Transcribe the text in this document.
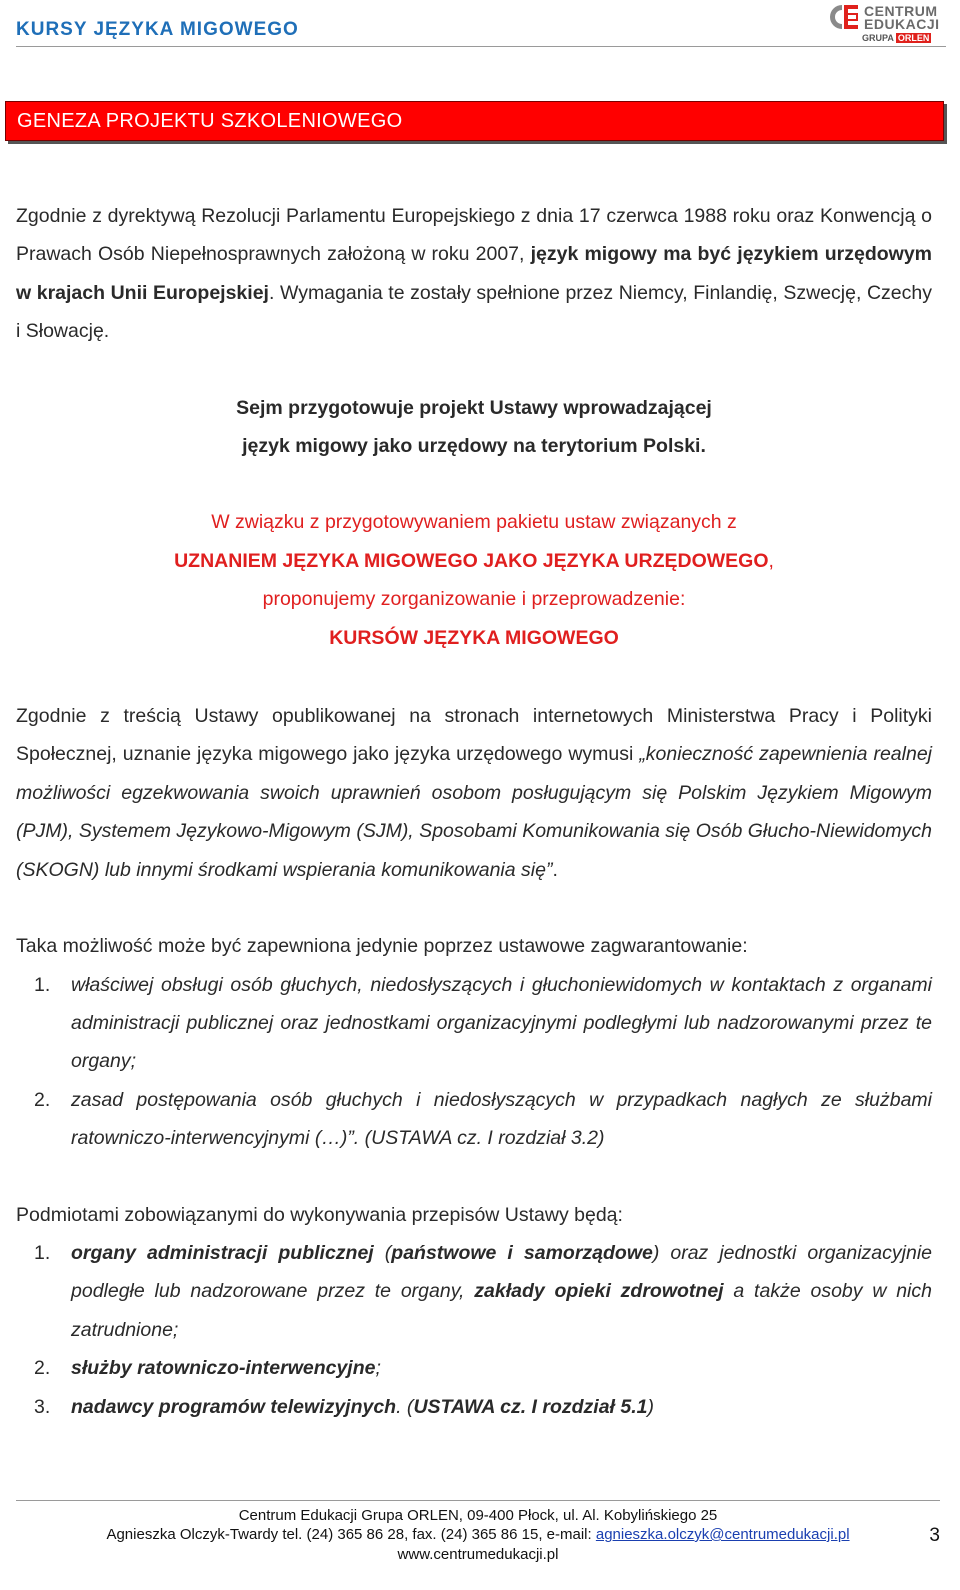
KURSY JĘZYKA MIGOWEGO
CENTRUM
EDUKACJI
GRUPA ORLEN
GENEZA PROJEKTU SZKOLENIOWEGO

Zgodnie z dyrektywą Rezolucji Parlamentu Europejskiego z dnia 17 czerwca 1988 roku oraz Konwencją o Prawach Osób Niepełnosprawnych założoną w roku 2007, język migowy ma być językiem urzędowym w krajach Unii Europejskiej. Wymagania te zostały spełnione przez Niemcy, Finlandię, Szwecję, Czechy i Słowację.

Sejm przygotowuje projekt Ustawy wprowadzającej

język migowy jako urzędowy na terytorium Polski.

W związku z przygotowywaniem pakietu ustaw związanych z

UZNANIEM JĘZYKA MIGOWEGO JAKO JĘZYKA URZĘDOWEGO,

proponujemy zorganizowanie i przeprowadzenie:

KURSÓW JĘZYKA MIGOWEGO

Zgodnie z treścią Ustawy opublikowanej na stronach internetowych Ministerstwa Pracy i Polityki Społecznej, uznanie języka migowego jako języka urzędowego wymusi „konieczność zapewnienia realnej możliwości egzekwowania swoich uprawnień osobom posługującym się Polskim Językiem Migowym (PJM), Systemem Językowo-Migowym (SJM), Sposobami Komunikowania się Osób Głucho-Niewidomych (SKOGN) lub innymi środkami wspierania komunikowania się”.

Taka możliwość może być zapewniona jedynie poprzez ustawowe zagwarantowanie:

1. właściwej obsługi osób głuchych, niedosłyszących i głuchoniewidomych w kontaktach z organami administracji publicznej oraz jednostkami organizacyjnymi podległymi lub nadzorowanymi przez te organy;
2. zasad postępowania osób głuchych i niedosłyszących w przypadkach nagłych ze służbami ratowniczo-interwencyjnymi (…)”. (USTAWA cz. I rozdział 3.2)

Podmiotami zobowiązanymi do wykonywania przepisów Ustawy będą:

1. organy administracji publicznej (państwowe i samorządowe) oraz jednostki organizacyjnie podległe lub nadzorowane przez te organy, zakłady opieki zdrowotnej a także osoby w nich zatrudnione;
2. służby ratowniczo-interwencyjne;
3. nadawcy programów telewizyjnych. (USTAWA cz. I rozdział 5.1)
Centrum Edukacji Grupa ORLEN, 09-400 Płock, ul. Al. Kobylińskiego 25
Agnieszka Olczyk-Twardy tel. (24) 365 86 28, fax. (24) 365 86 15, e-mail: agnieszka.olczyk@centrumedukacji.pl
www.centrumedukacji.pl
3
